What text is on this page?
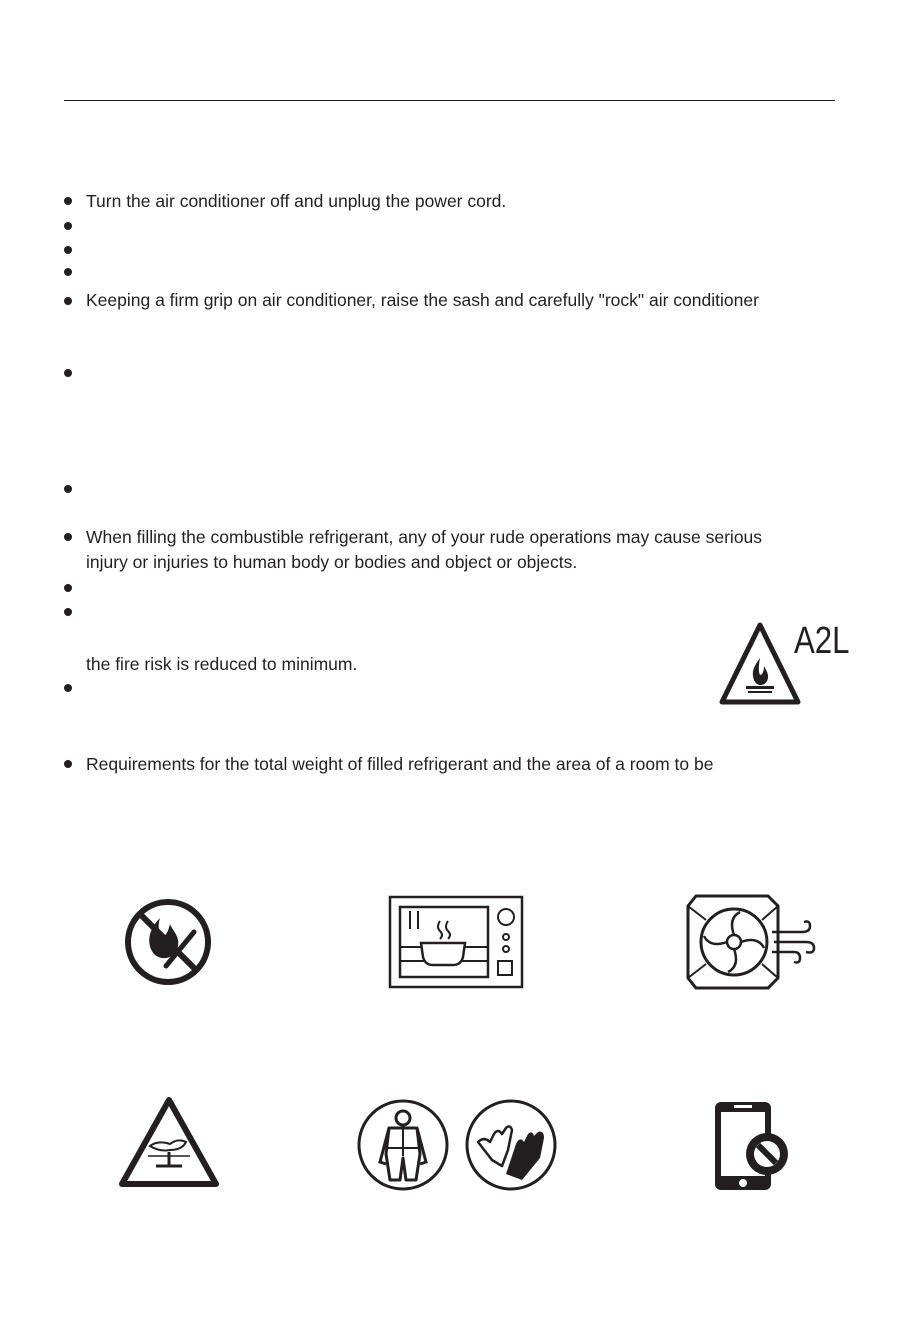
Turn the air conditioner off and unplug the power cord.
Keeping a firm grip on air conditioner, raise the sash and carefully "rock" air conditioner
When filling the combustible refrigerant, any of your rude operations may cause serious
injury or injuries to human body or bodies and object or objects.
the fire risk is reduced to minimum.
Requirements for the total weight of filled refrigerant and the area of a room to be
A2L
